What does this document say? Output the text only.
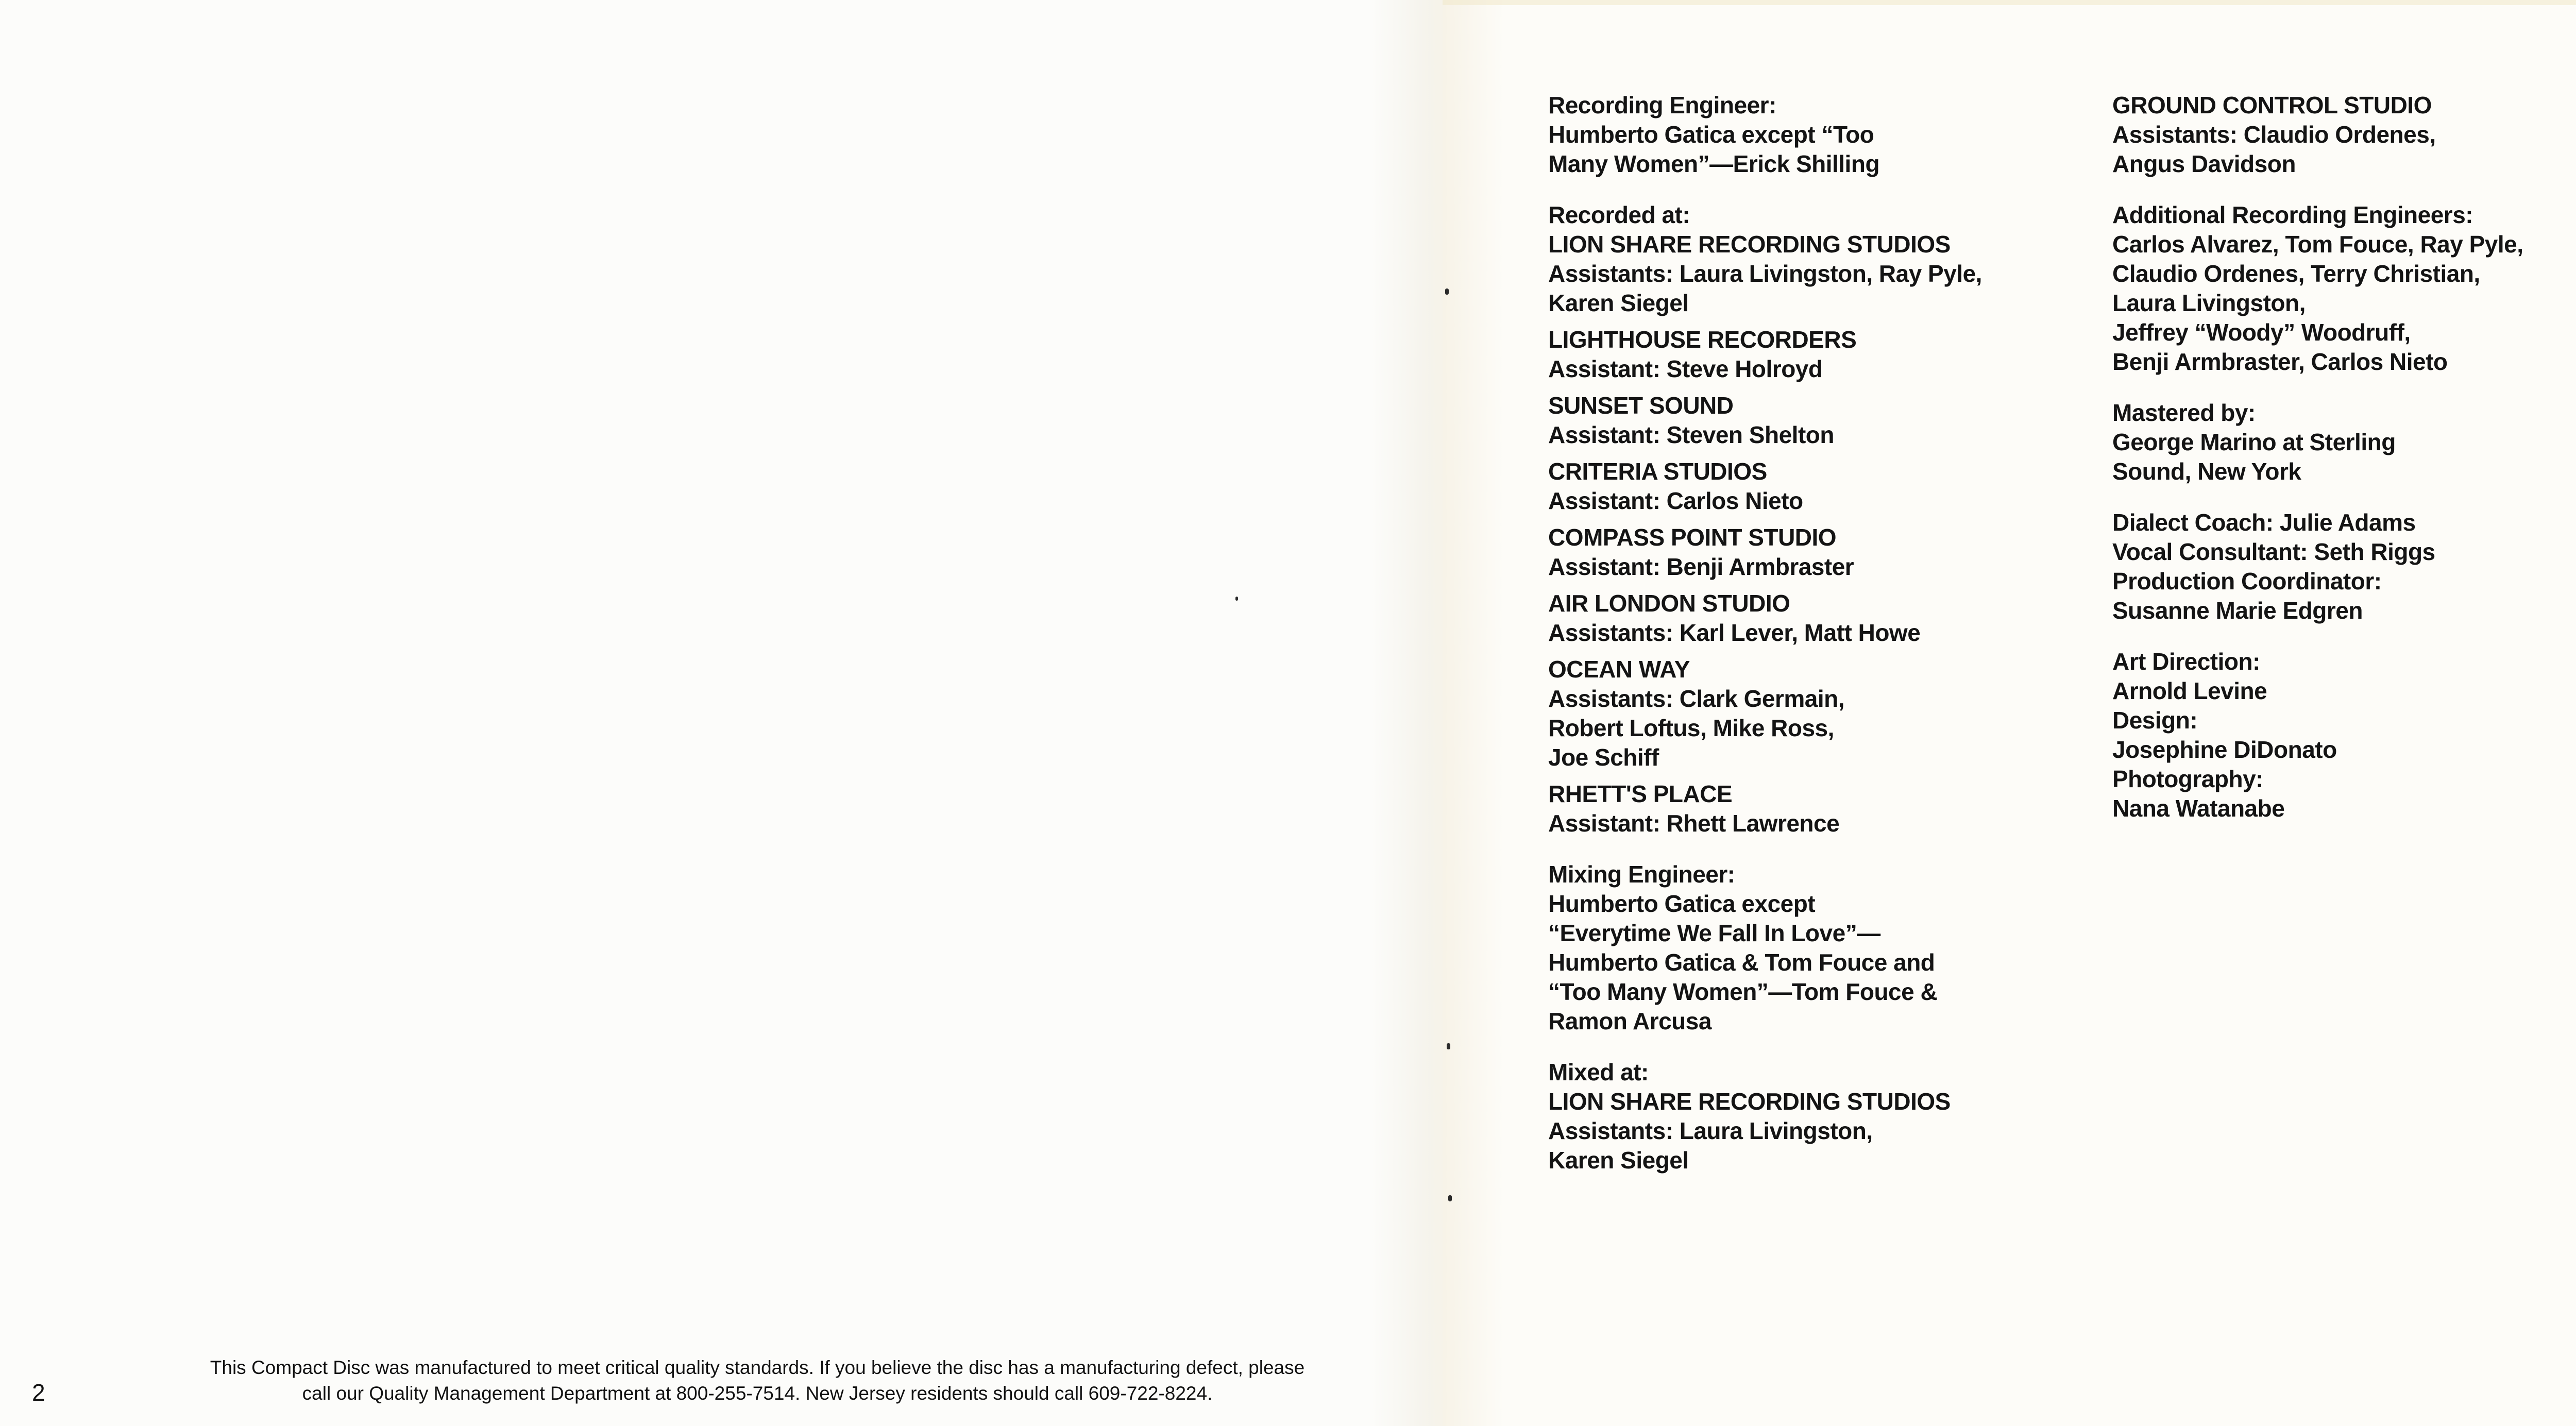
This Compact Disc was manufactured to meet critical quality standards. If you believe the disc has a manufacturing defect, please
call our Quality Management Department at 800-255-7514. New Jersey residents should call 609-722-8224.
2
Recording Engineer:
Humberto Gatica except “Too
Many Women”—Erick Shilling
Recorded at:
LION SHARE RECORDING STUDIOS
Assistants: Laura Livingston, Ray Pyle,
Karen Siegel
LIGHTHOUSE RECORDERS
Assistant: Steve Holroyd
SUNSET SOUND
Assistant: Steven Shelton
CRITERIA STUDIOS
Assistant: Carlos Nieto
COMPASS POINT STUDIO
Assistant: Benji Armbraster
AIR LONDON STUDIO
Assistants: Karl Lever, Matt Howe
OCEAN WAY
Assistants: Clark Germain,
Robert Loftus, Mike Ross,
Joe Schiff
RHETT'S PLACE
Assistant: Rhett Lawrence
Mixing Engineer:
Humberto Gatica except
“Everytime We Fall In Love”—
Humberto Gatica & Tom Fouce and
“Too Many Women”—Tom Fouce &
Ramon Arcusa
Mixed at:
LION SHARE RECORDING STUDIOS
Assistants: Laura Livingston,
Karen Siegel
GROUND CONTROL STUDIO
Assistants: Claudio Ordenes,
Angus Davidson
Additional Recording Engineers:
Carlos Alvarez, Tom Fouce, Ray Pyle,
Claudio Ordenes, Terry Christian,
Laura Livingston,
Jeffrey “Woody” Woodruff,
Benji Armbraster, Carlos Nieto
Mastered by:
George Marino at Sterling
Sound, New York
Dialect Coach: Julie Adams
Vocal Consultant: Seth Riggs
Production Coordinator:
Susanne Marie Edgren
Art Direction:
Arnold Levine
Design:
Josephine DiDonato
Photography:
Nana Watanabe
